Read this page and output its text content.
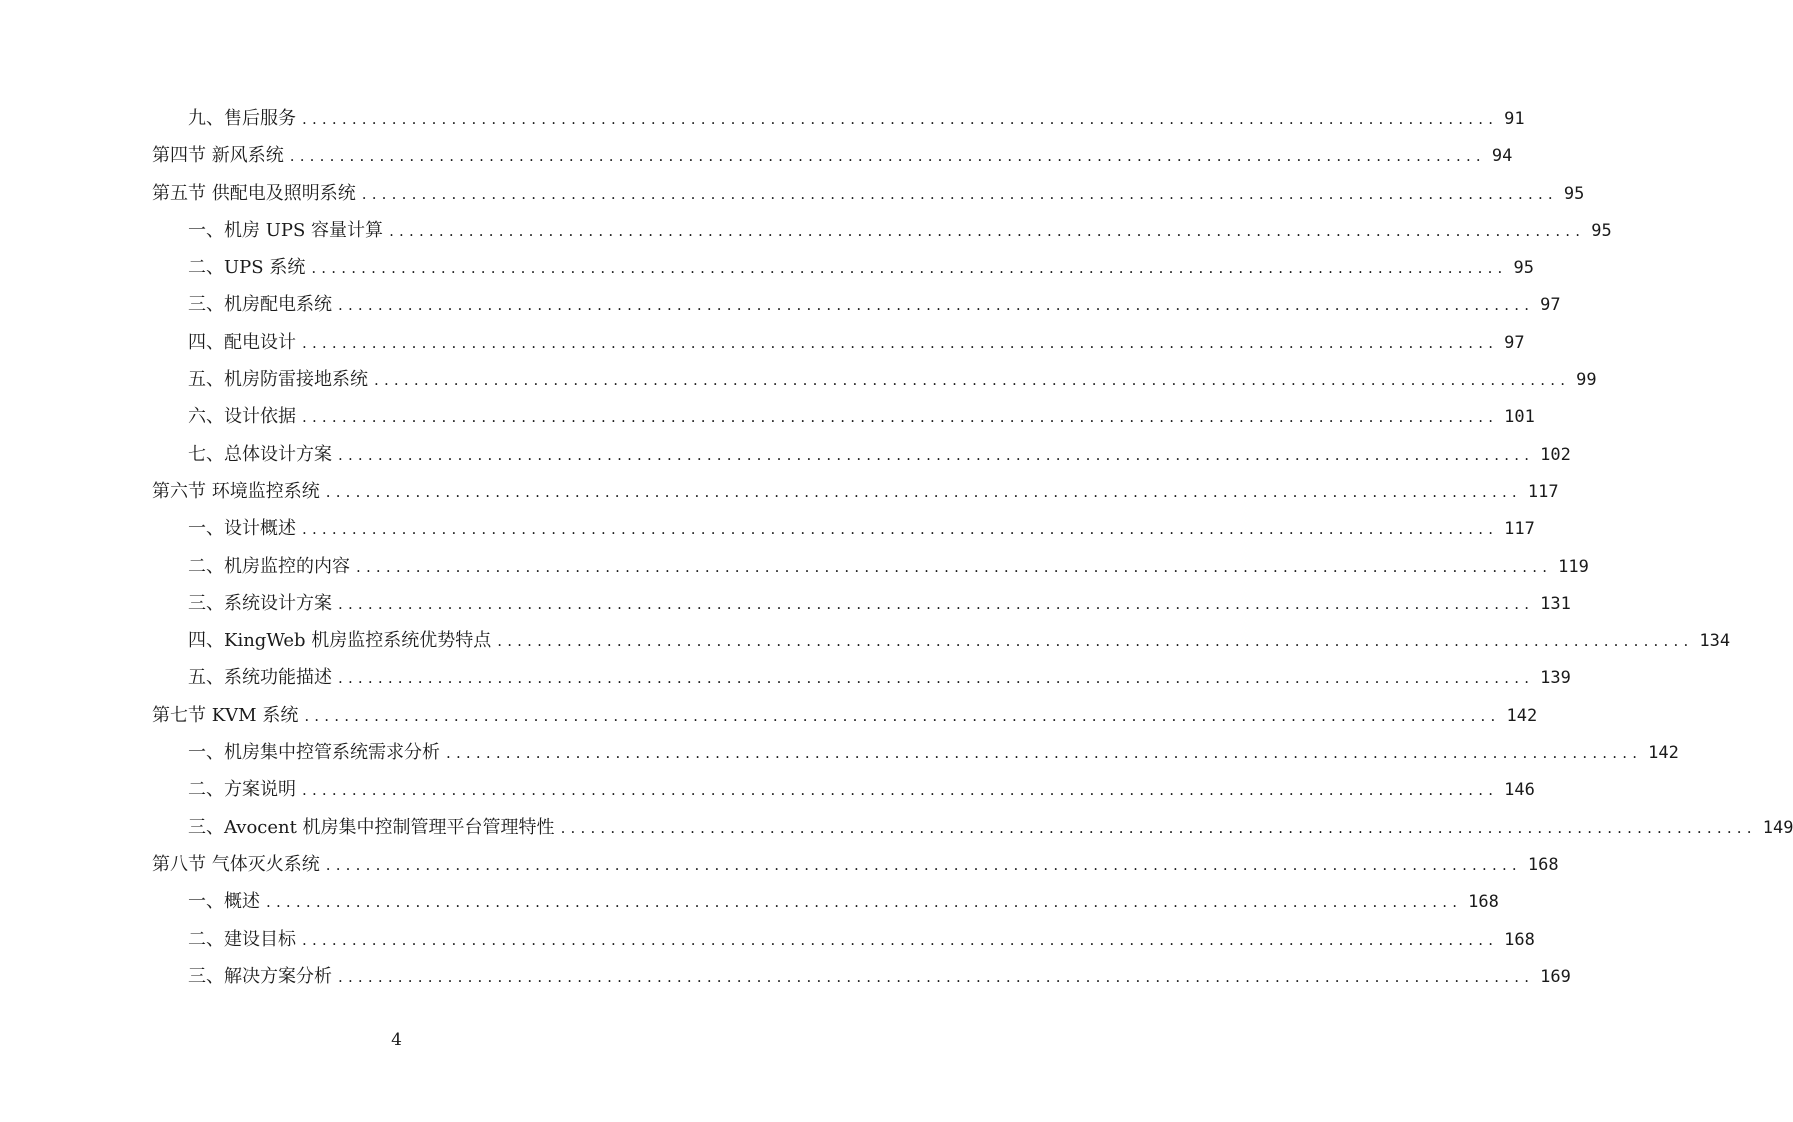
九、售后服务 ........................................................................................................................ 91
第四节 新风系统 ........................................................................................................................ 94
第五节 供配电及照明系统 ........................................................................................................................ 95
一、机房 UPS 容量计算 ........................................................................................................................ 95
二、UPS 系统 ........................................................................................................................ 95
三、机房配电系统 ........................................................................................................................ 97
四、配电设计 ........................................................................................................................ 97
五、机房防雷接地系统 ........................................................................................................................ 99
六、设计依据 ........................................................................................................................ 101
七、总体设计方案 ........................................................................................................................ 102
第六节 环境监控系统 ........................................................................................................................ 117
一、设计概述 ........................................................................................................................ 117
二、机房监控的内容 ........................................................................................................................ 119
三、系统设计方案 ........................................................................................................................ 131
四、KingWeb 机房监控系统优势特点 ........................................................................................................................ 134
五、系统功能描述 ........................................................................................................................ 139
第七节 KVM 系统 ........................................................................................................................ 142
一、机房集中控管系统需求分析 ........................................................................................................................ 142
二、方案说明 ........................................................................................................................ 146
三、Avocent 机房集中控制管理平台管理特性 ........................................................................................................................ 149
第八节 气体灭火系统 ........................................................................................................................ 168
一、概述 ........................................................................................................................ 168
二、建设目标 ........................................................................................................................ 168
三、解决方案分析 ........................................................................................................................ 169
4
